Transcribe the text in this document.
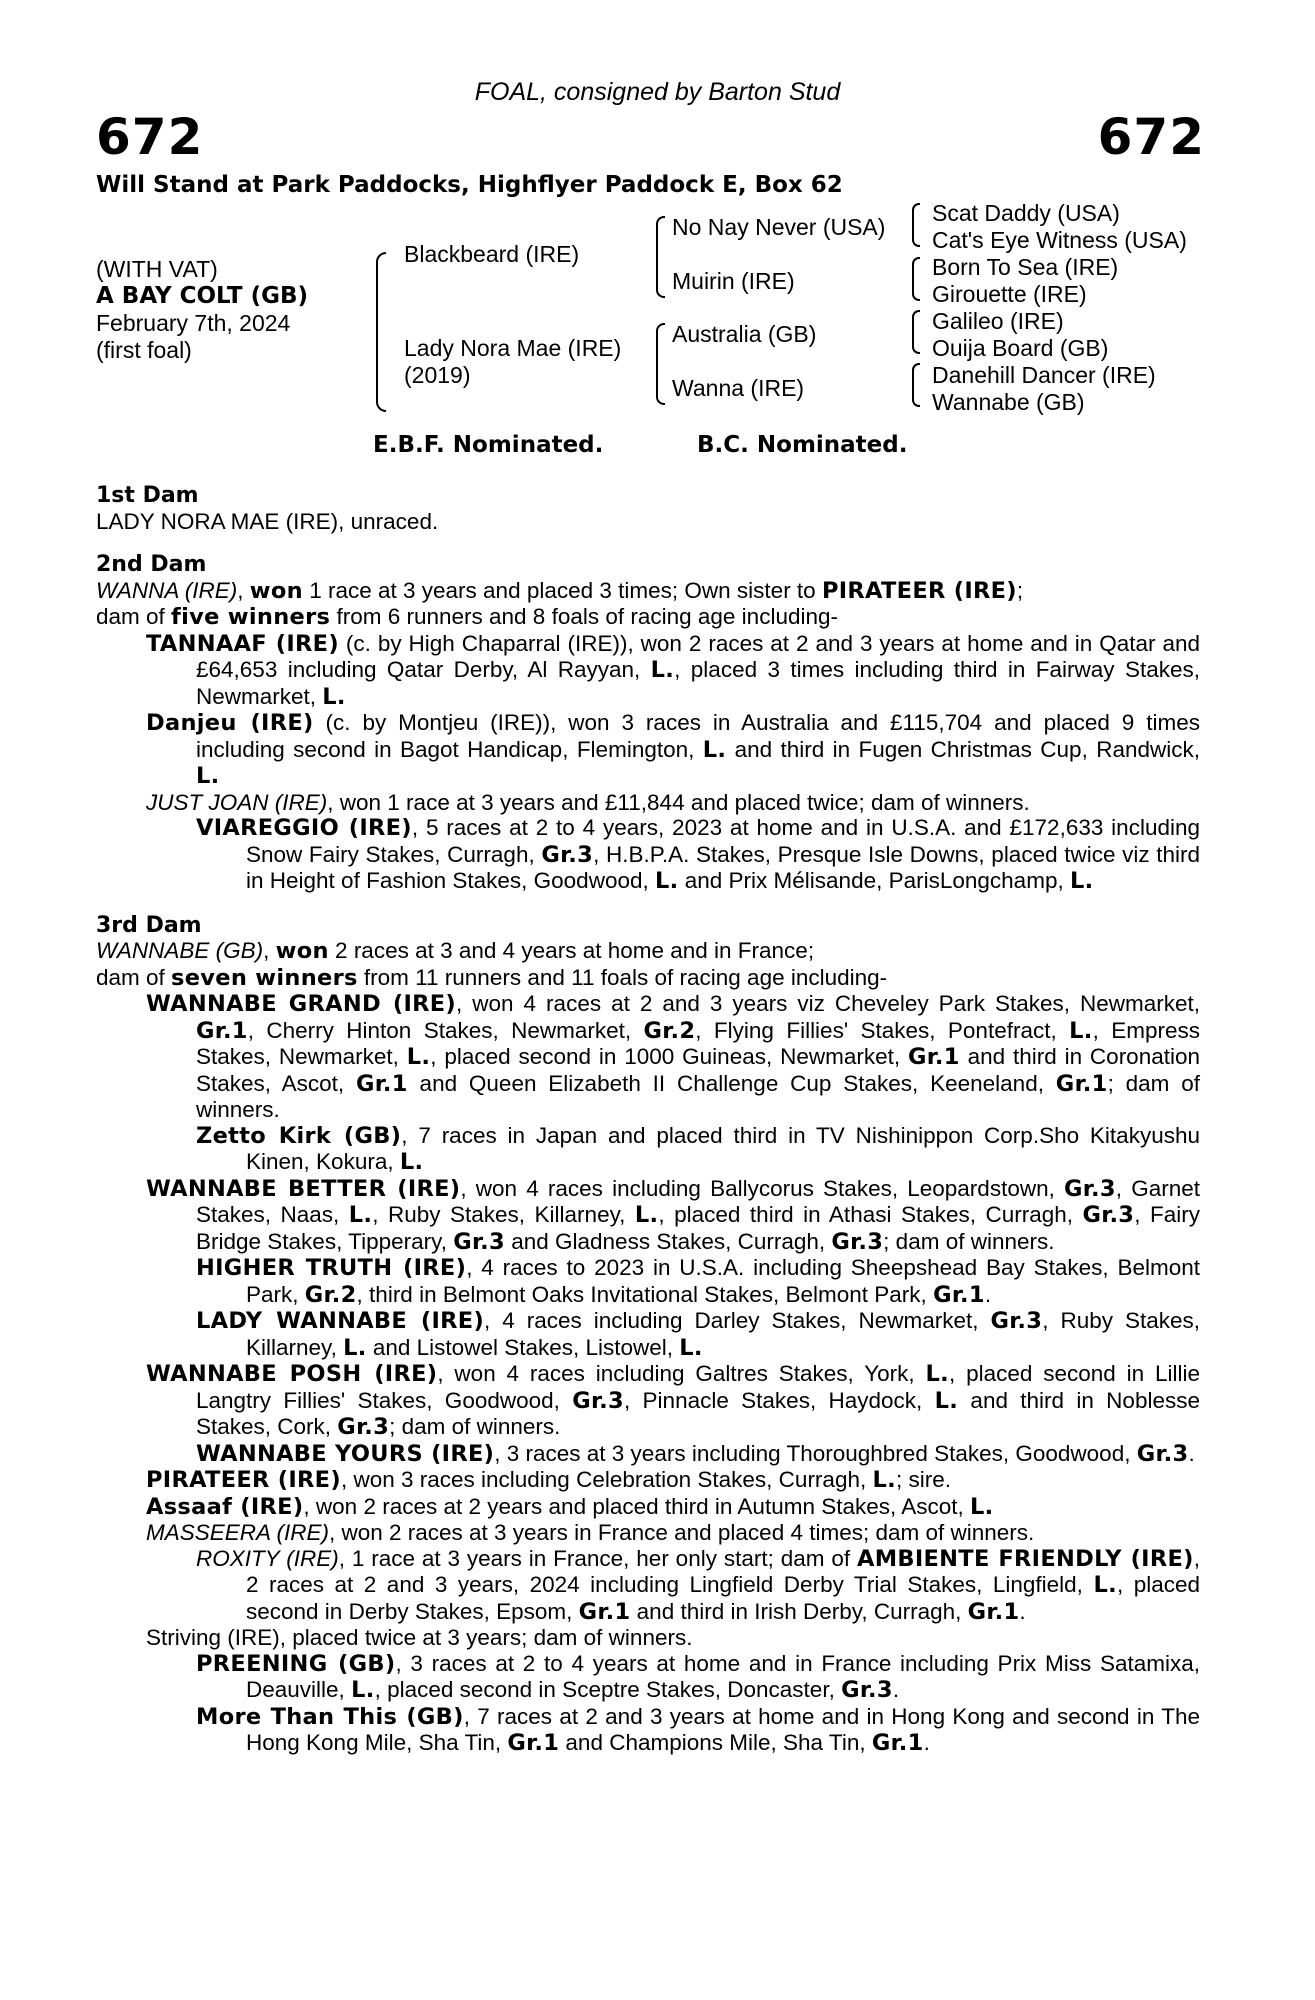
FOAL, consigned by Barton Stud
672	672
Will Stand at Park Paddocks, Highflyer Paddock E, Box 62
(WITH VAT)
A BAY COLT (GB)
February 7th, 2024
(first foal)
Blackbeard (IRE)
Lady Nora Mae (IRE)
(2019)
No Nay Never (USA)
Muirin (IRE)
Australia (GB)
Wanna (IRE)
Scat Daddy (USA)
Cat's Eye Witness (USA)
Born To Sea (IRE)
Girouette (IRE)
Galileo (IRE)
Ouija Board (GB)
Danehill Dancer (IRE)
Wannabe (GB)
E.B.F. Nominated.	B.C. Nominated.
1st Dam
LADY NORA MAE (IRE), unraced.
2nd Dam
WANNA (IRE), won 1 race at 3 years and placed 3 times; Own sister to PIRATEER (IRE);
dam of five winners from 6 runners and 8 foals of racing age including-
TANNAAF (IRE) (c. by High Chaparral (IRE)), won 2 races at 2 and 3 years at home and in Qatar and £64,653 including Qatar Derby, Al Rayyan, L., placed 3 times including third in Fairway Stakes, Newmarket, L.
Danjeu (IRE) (c. by Montjeu (IRE)), won 3 races in Australia and £115,704 and placed 9 times including second in Bagot Handicap, Flemington, L. and third in Fugen Christmas Cup, Randwick, L.
JUST JOAN (IRE), won 1 race at 3 years and £11,844 and placed twice; dam of winners.
VIAREGGIO (IRE), 5 races at 2 to 4 years, 2023 at home and in U.S.A. and £172,633 including Snow Fairy Stakes, Curragh, Gr.3, H.B.P.A. Stakes, Presque Isle Downs, placed twice viz third in Height of Fashion Stakes, Goodwood, L. and Prix Mélisande, ParisLongchamp, L.
3rd Dam
WANNABE (GB), won 2 races at 3 and 4 years at home and in France;
dam of seven winners from 11 runners and 11 foals of racing age including-
WANNABE GRAND (IRE), won 4 races at 2 and 3 years viz Cheveley Park Stakes, Newmarket, Gr.1, Cherry Hinton Stakes, Newmarket, Gr.2, Flying Fillies' Stakes, Pontefract, L., Empress Stakes, Newmarket, L., placed second in 1000 Guineas, Newmarket, Gr.1 and third in Coronation Stakes, Ascot, Gr.1 and Queen Elizabeth II Challenge Cup Stakes, Keeneland, Gr.1; dam of winners.
Zetto Kirk (GB), 7 races in Japan and placed third in TV Nishinippon Corp.Sho Kitakyushu Kinen, Kokura, L.
WANNABE BETTER (IRE), won 4 races including Ballycorus Stakes, Leopardstown, Gr.3, Garnet Stakes, Naas, L., Ruby Stakes, Killarney, L., placed third in Athasi Stakes, Curragh, Gr.3, Fairy Bridge Stakes, Tipperary, Gr.3 and Gladness Stakes, Curragh, Gr.3; dam of winners.
HIGHER TRUTH (IRE), 4 races to 2023 in U.S.A. including Sheepshead Bay Stakes, Belmont Park, Gr.2, third in Belmont Oaks Invitational Stakes, Belmont Park, Gr.1.
LADY WANNABE (IRE), 4 races including Darley Stakes, Newmarket, Gr.3, Ruby Stakes, Killarney, L. and Listowel Stakes, Listowel, L.
WANNABE POSH (IRE), won 4 races including Galtres Stakes, York, L., placed second in Lillie Langtry Fillies' Stakes, Goodwood, Gr.3, Pinnacle Stakes, Haydock, L. and third in Noblesse Stakes, Cork, Gr.3; dam of winners.
WANNABE YOURS (IRE), 3 races at 3 years including Thoroughbred Stakes, Goodwood, Gr.3.
PIRATEER (IRE), won 3 races including Celebration Stakes, Curragh, L.; sire.
Assaaf (IRE), won 2 races at 2 years and placed third in Autumn Stakes, Ascot, L.
MASSEERA (IRE), won 2 races at 3 years in France and placed 4 times; dam of winners.
ROXITY (IRE), 1 race at 3 years in France, her only start; dam of AMBIENTE FRIENDLY (IRE), 2 races at 2 and 3 years, 2024 including Lingfield Derby Trial Stakes, Lingfield, L., placed second in Derby Stakes, Epsom, Gr.1 and third in Irish Derby, Curragh, Gr.1.
Striving (IRE), placed twice at 3 years; dam of winners.
PREENING (GB), 3 races at 2 to 4 years at home and in France including Prix Miss Satamixa, Deauville, L., placed second in Sceptre Stakes, Doncaster, Gr.3.
More Than This (GB), 7 races at 2 and 3 years at home and in Hong Kong and second in The Hong Kong Mile, Sha Tin, Gr.1 and Champions Mile, Sha Tin, Gr.1.
